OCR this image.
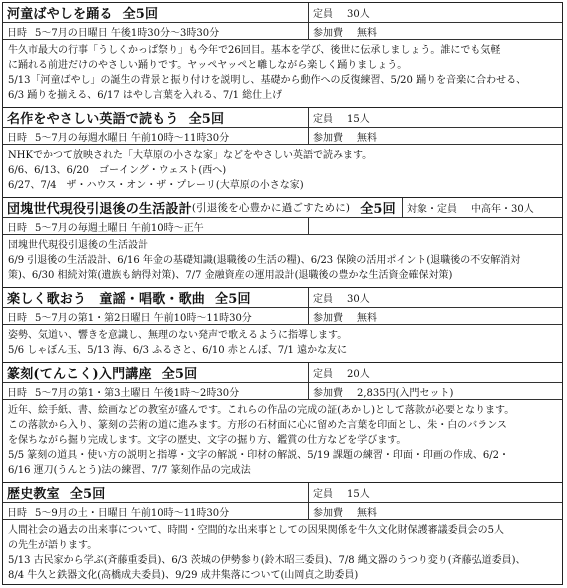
河童ばやしを踊る 全5回	定員 30人
日時 5～7月の日曜日 午後1時30分～3時30分	参加費 無料

牛久市最大の行事「うしくかっぱ祭り」も今年で26回目。基本を学び、後世に伝承しましょう。誰にでも気軽

に踊れる前进だけのやさしい踊りです。ヤッペヤッペと囃しながら楽しく踊りましょう。

5/13「河童ばやし」の誕生の背景と振り付けを説明し、基礎から動作への反復練習、5/20 踊りを音楽に合わせる、

6/3 踊りを揃える、6/17 はやし言葉を入れる、7/1 総仕上げ

名作をやさしい英語で読もう 全5回	定員 15人
日時 5～7月の毎週水曜日 午前10時～11時30分	参加費 無料

NHKでかつて放映された「大草原の小さな家」などをやさしい英語で読みます。

6/6、6/13、6/20　ゴーイング・ウェスト(西へ)

6/27、7/4　ザ・ハウス・オン・ザ・プレーリ(大草原の小さな家)

団塊世代現役引退後の生活設計 (引退後を心豊かに過ごすために) 全5回 対象・定員 中高年・30人
日時 5～7月の毎週土曜日 午前10時～正午

団塊世代現役引退後の生活設計

6/9 引退後の生活設計、6/16 年金の基礎知識(退職後の生活の糧)、6/23 保険の活用ポイント(退職後の不安解消対

策)、6/30 相続対策(遺族も納得対策)、7/7 金融資産の運用設計(退職後の豊かな生活資金確保対策)

楽しく歌おう　童謡・唱歌・歌曲 全5回	定員 30人
日時 5～7月の第1・第2日曜日 午前10時～11時30分	参加費 無料

姿勢、気道い、響きを意識し、無理のない発声で歌えるように指導します。

5/6 しゃぼん玉、5/13 海、6/3 ふるさと、6/10 赤とんぼ、7/1 遠かな友に

篆刻(てんこく)入門講座 全5回	定員 20人
日時 5～7月の第1・第3土曜日 午後1時～2時30分	参加費 2,835円(入門セット)

近年、絵手紙、書、絵画などの教室が盛んです。これらの作品の完成の証(あかし)として落款が必要となります。

この落款から入り、篆刻の芸術の道に進みます。方形の石材面に心に留めた言葉を印面とし、朱・白のバランス

を保ちながら掘り完成します。文字の歴史、文字の掘り方、鑑賞の仕方などを学びます。

5/5 篆刻の道具・使い方の説明と指導・文字の解説・印材の解説、5/19 課題の練習・印面・印画の作成、6/2・

6/16 運刀(うんとう)法の練習、7/7 篆刻作品の完成法

歴史教室 全5回	定員 15人
日時 5～9月の土・日曜日 午前10時～11時30分	参加費 無料

人間社会の過去の出来事について、時間・空間的な出来事としての因果関係を牛久文化財保護審議委員会の5人

の先生が語ります。

5/13 古民家から学ぶ(斉藤重委員)、6/3 茨城の伊勢参り(鈴木昭三委員)、7/8 縄文器のうつり変り(斉藤弘道委員)、

8/4 牛久と鉄器文化(高橋成夫委員)、9/29 成井集落について(山岡貞之助委員)
